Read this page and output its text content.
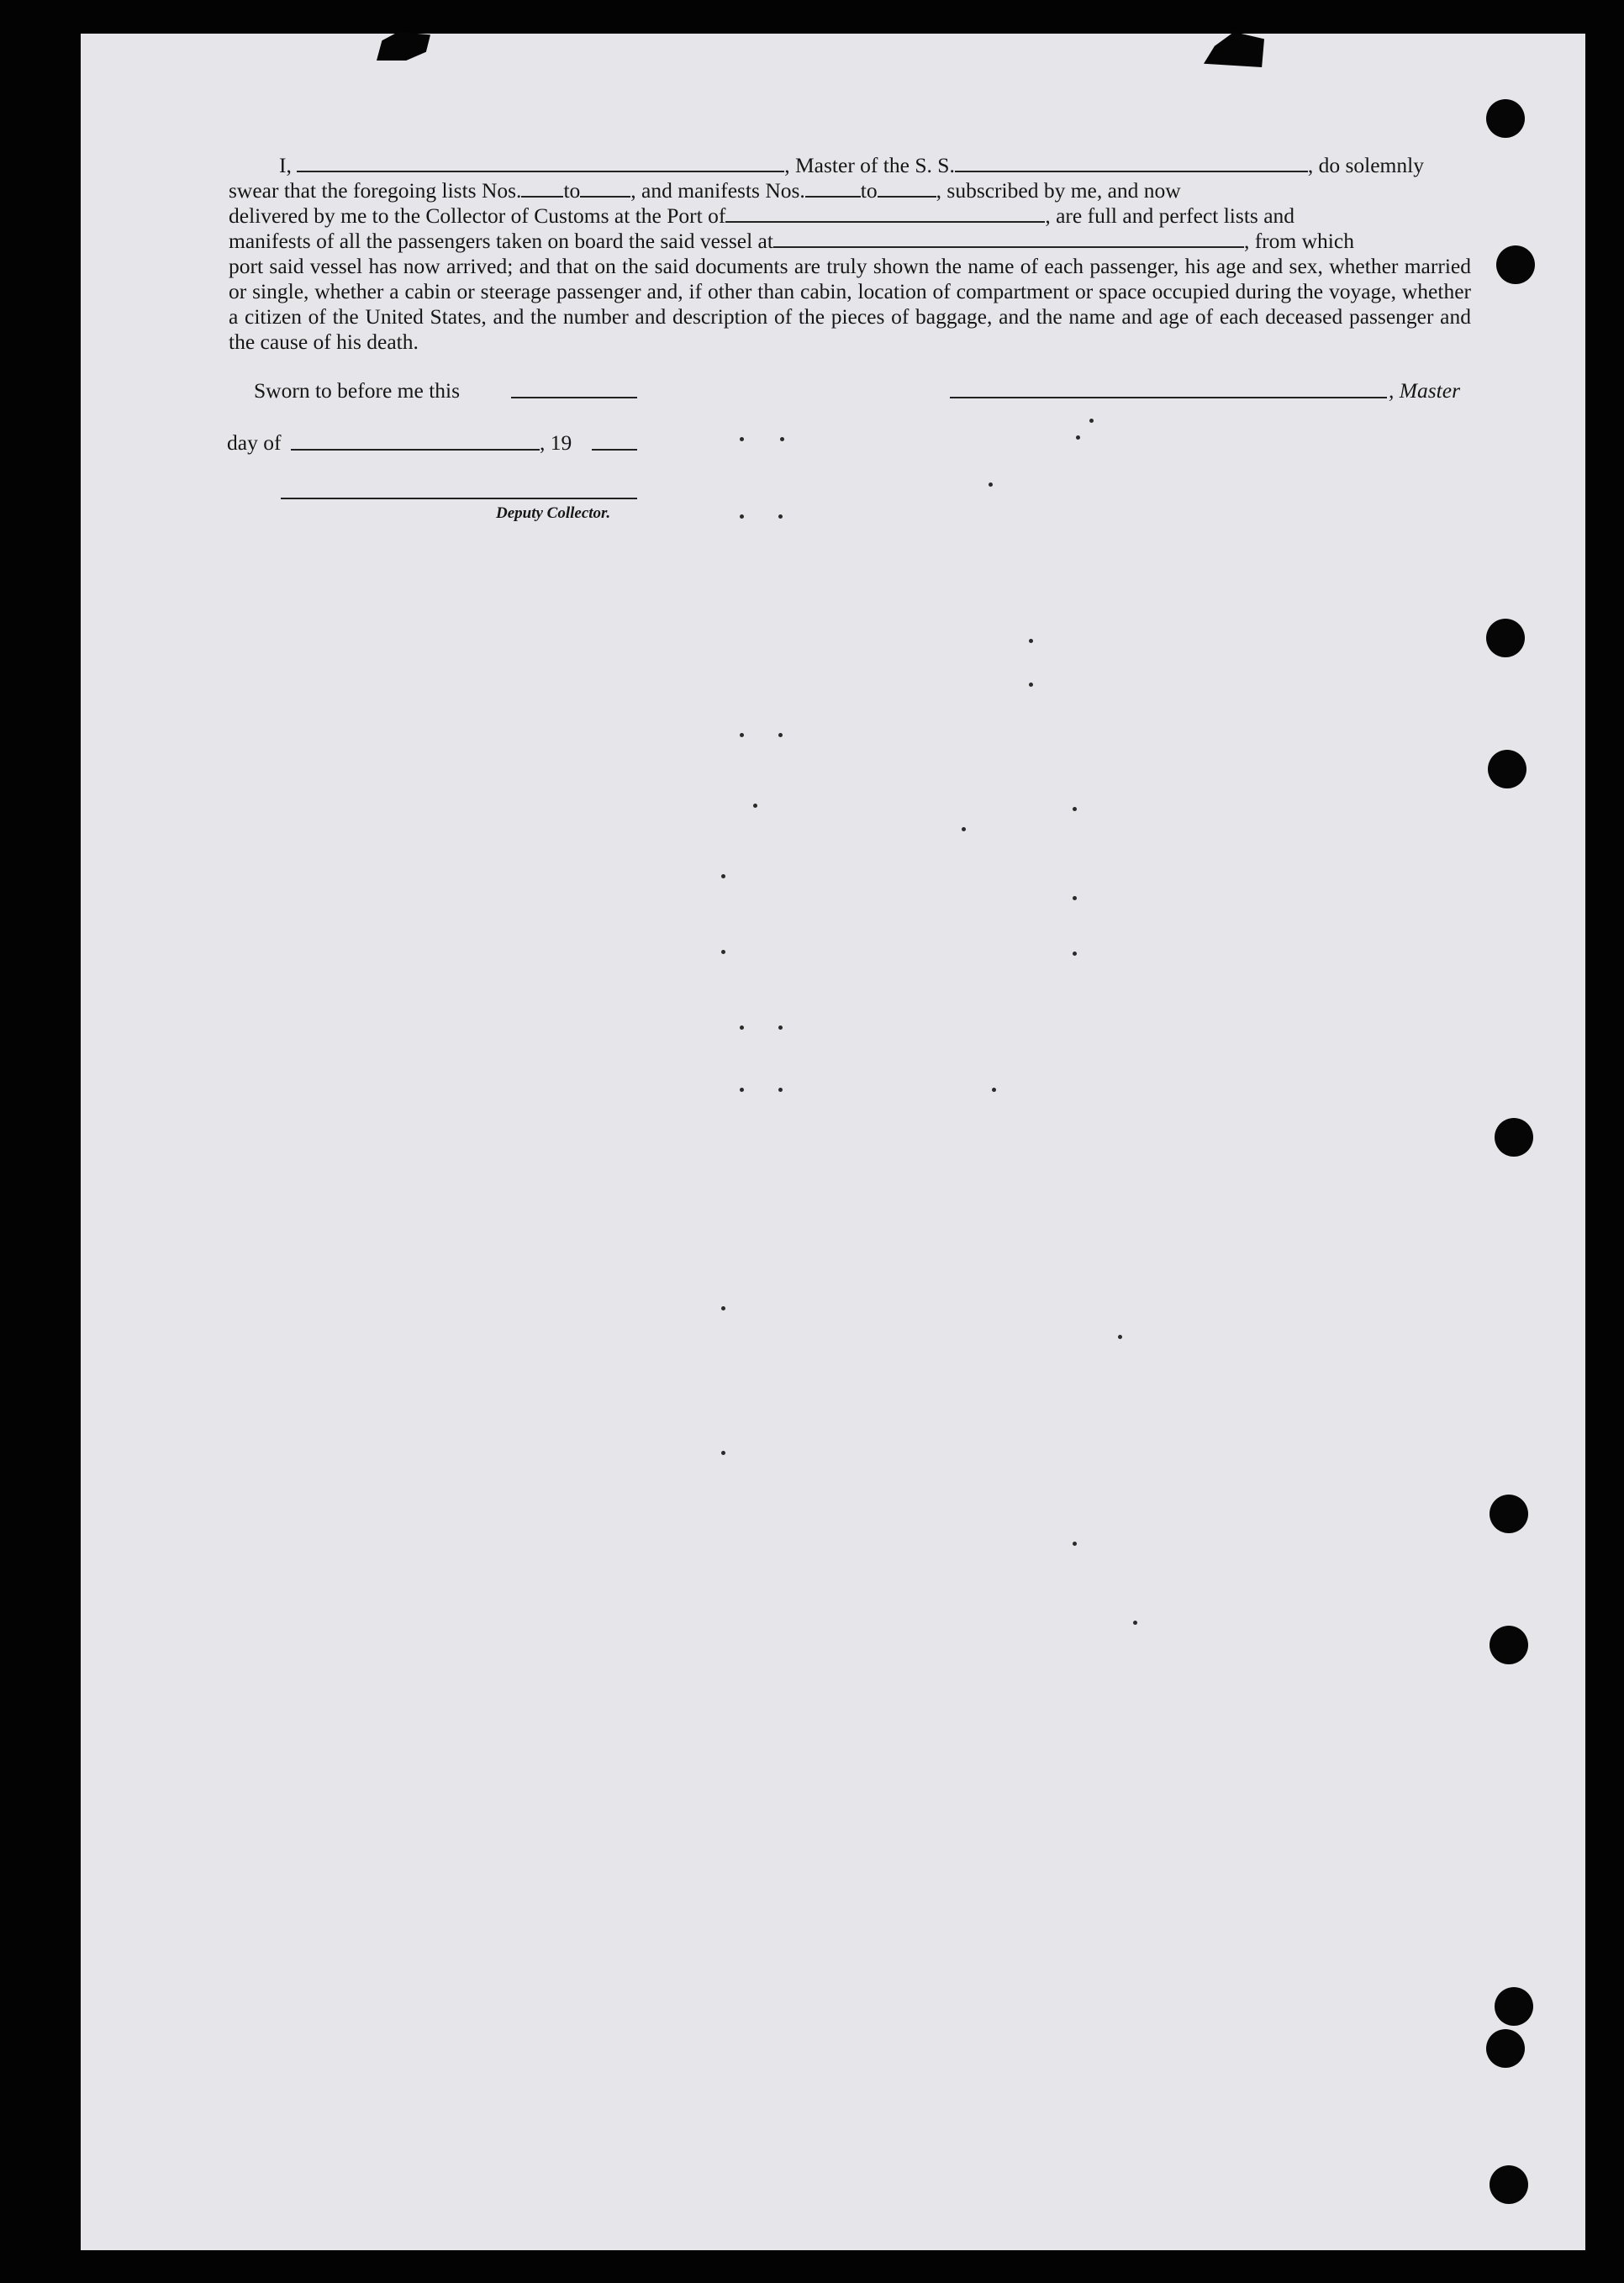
I,	, Master of the S. S.	, do solemnly

swear that the foregoing lists Nos. to , and manifests Nos.	to	, subscribed by me, and now

delivered by me to the Collector of Customs at the Port of	, are full and perfect lists and

manifests of all the passengers taken on board the said vessel at	, from which

port said vessel has now arrived; and that on the said documents are truly shown the name of each passenger, his age and sex, whether married or single, whether a cabin or steerage passenger and, if other than cabin, location of compartment or space occupied during the voyage, whether a citizen of the United States, and the number and description of the pieces of baggage, and the name and age of each deceased passenger and the cause of his death.

Sworn to before me this	, Master
day of	, 19
Deputy Collector.
